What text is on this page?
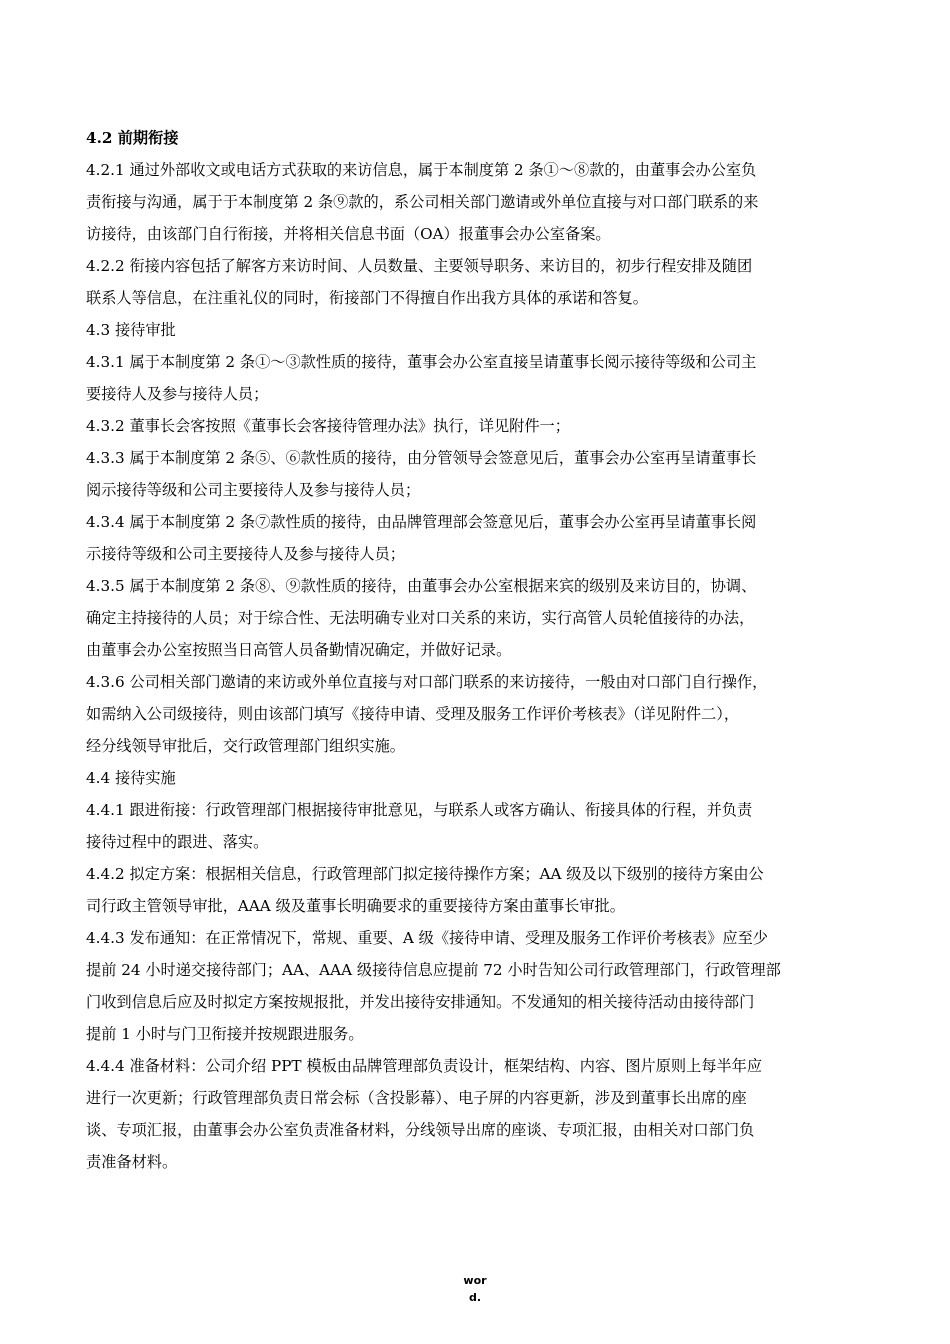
4.2 前期衔接
4.2.1 通过外部收文或电话方式获取的来访信息，属于本制度第 2 条①～⑧款的，由董事会办公室负
责衔接与沟通，属于于本制度第 2 条⑨款的，系公司相关部门邀请或外单位直接与对口部门联系的来
访接待，由该部门自行衔接，并将相关信息书面（OA）报董事会办公室备案。
4.2.2 衔接内容包括了解客方来访时间、人员数量、主要领导职务、来访目的，初步行程安排及随团
联系人等信息，在注重礼仪的同时，衔接部门不得擅自作出我方具体的承诺和答复。
4.3 接待审批
4.3.1 属于本制度第 2 条①～③款性质的接待，董事会办公室直接呈请董事长阅示接待等级和公司主
要接待人及参与接待人员；
4.3.2 董事长会客按照《董事长会客接待管理办法》执行，详见附件一；
4.3.3 属于本制度第 2 条⑤、⑥款性质的接待，由分管领导会签意见后，董事会办公室再呈请董事长
阅示接待等级和公司主要接待人及参与接待人员；
4.3.4 属于本制度第 2 条⑦款性质的接待，由品牌管理部会签意见后，董事会办公室再呈请董事长阅
示接待等级和公司主要接待人及参与接待人员；
4.3.5 属于本制度第 2 条⑧、⑨款性质的接待，由董事会办公室根据来宾的级别及来访目的，协调、
确定主持接待的人员；对于综合性、无法明确专业对口关系的来访，实行高管人员轮值接待的办法，
由董事会办公室按照当日高管人员备勤情况确定，并做好记录。
4.3.6 公司相关部门邀请的来访或外单位直接与对口部门联系的来访接待，一般由对口部门自行操作，
如需纳入公司级接待，则由该部门填写《接待申请、受理及服务工作评价考核表》（详见附件二），
经分线领导审批后，交行政管理部门组织实施。
4.4 接待实施
4.4.1 跟进衔接：行政管理部门根据接待审批意见，与联系人或客方确认、衔接具体的行程，并负责
接待过程中的跟进、落实。
4.4.2 拟定方案：根据相关信息，行政管理部门拟定接待操作方案；AA 级及以下级别的接待方案由公
司行政主管领导审批，AAA 级及董事长明确要求的重要接待方案由董事长审批。
4.4.3 发布通知：在正常情况下，常规、重要、A 级《接待申请、受理及服务工作评价考核表》应至少
提前 24 小时递交接待部门；AA、AAA 级接待信息应提前 72 小时告知公司行政管理部门，行政管理部
门收到信息后应及时拟定方案按规报批，并发出接待安排通知。不发通知的相关接待活动由接待部门
提前 1 小时与门卫衔接并按规跟进服务。
4.4.4 准备材料：公司介绍 PPT 模板由品牌管理部负责设计，框架结构、内容、图片原则上每半年应
进行一次更新；行政管理部负责日常会标（含投影幕）、电子屏的内容更新，涉及到董事长出席的座
谈、专项汇报，由董事会办公室负责准备材料，分线领导出席的座谈、专项汇报，由相关对口部门负
责准备材料。
wor
d.
